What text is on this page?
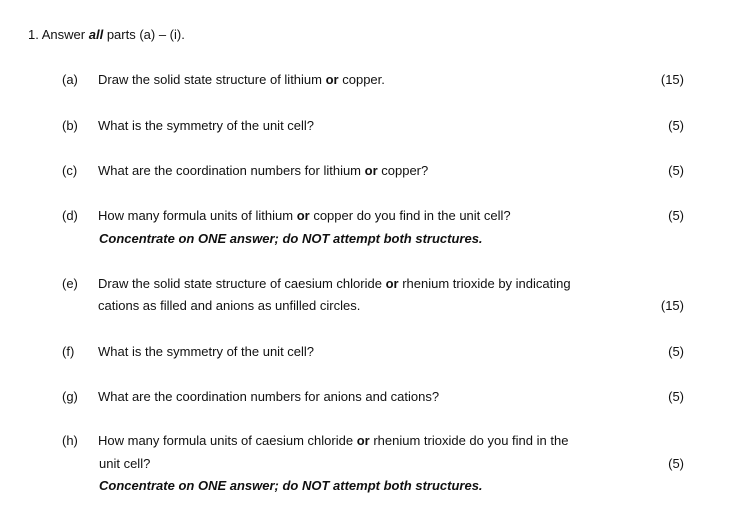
1. Answer all parts (a) – (i).
(a) Draw the solid state structure of lithium or copper.	(15)
(b) What is the symmetry of the unit cell?	(5)
(c) What are the coordination numbers for lithium or copper?	(5)
(d) How many formula units of lithium or copper do you find in the unit cell?	(5)
Concentrate on ONE answer; do NOT attempt both structures.
(e) Draw the solid state structure of caesium chloride or rhenium trioxide by indicating
cations as filled and anions as unfilled circles.	(15)
(f) What is the symmetry of the unit cell?	(5)
(g) What are the coordination numbers for anions and cations?	(5)
(h) How many formula units of caesium chloride or rhenium trioxide do you find in the
unit cell?	(5)
Concentrate on ONE answer; do NOT attempt both structures.
